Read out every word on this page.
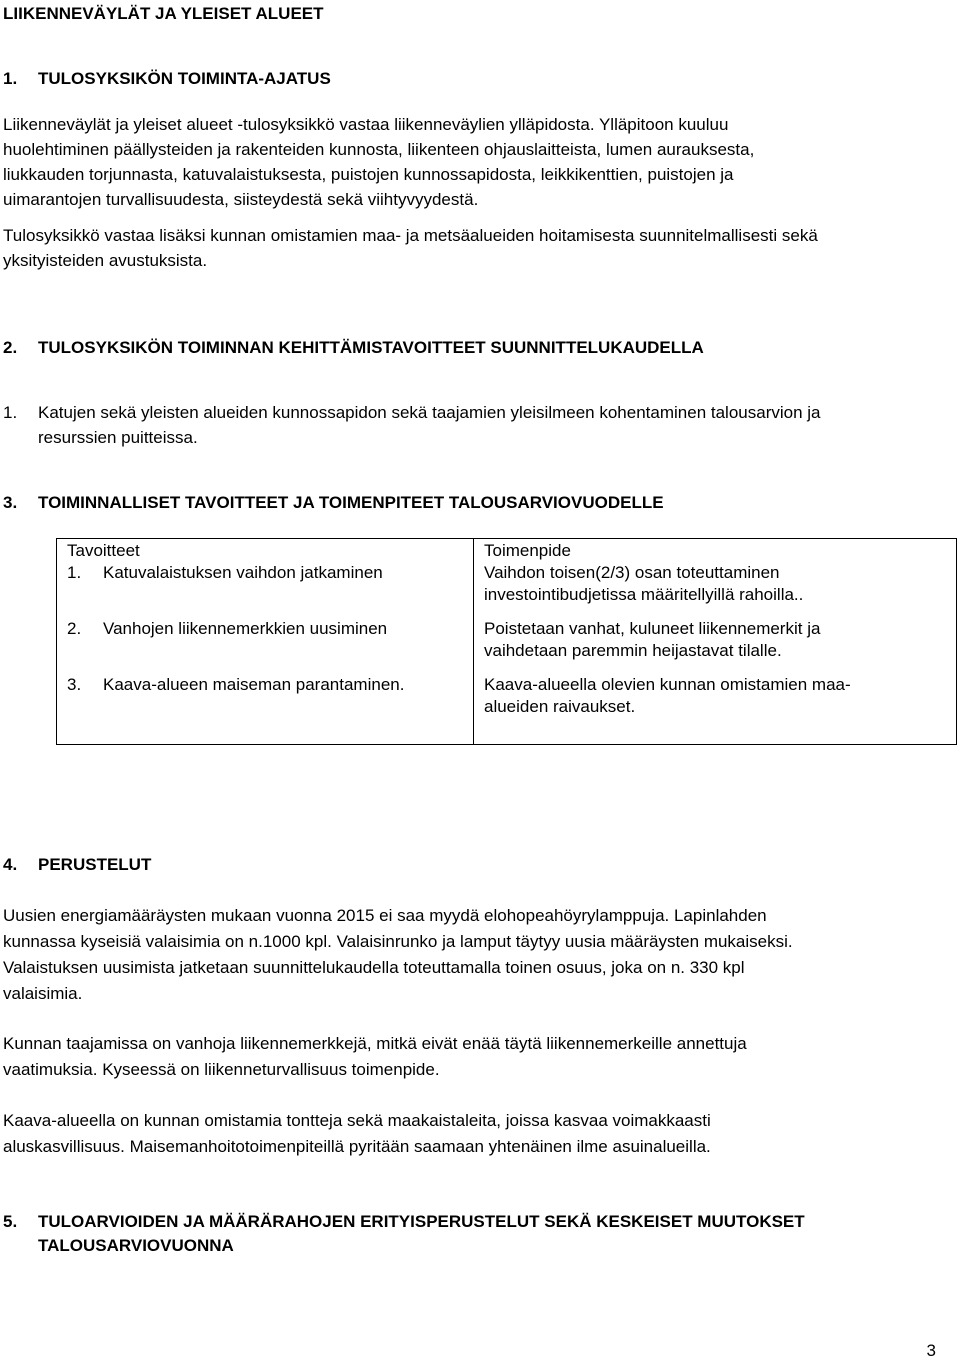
LIIKENNEVÄYLÄT JA YLEISET ALUEET
1. TULOSYKSIKÖN TOIMINTA-AJATUS

Liikenneväylät ja yleiset alueet -tulosyksikkö vastaa liikenneväylien ylläpidosta. Ylläpitoon kuuluu

huolehtiminen päällysteiden ja rakenteiden kunnosta, liikenteen ohjauslaitteista, lumen aurauksesta,

liukkauden torjunnasta, katuvalaistuksesta, puistojen kunnossapidosta, leikkikenttien, puistojen ja

uimarantojen turvallisuudesta, siisteydestä sekä viihtyvyydestä.

Tulosyksikkö vastaa lisäksi kunnan omistamien maa- ja metsäalueiden hoitamisesta suunnitelmallisesti sekä

yksityisteiden avustuksista.

2. TULOSYKSIKÖN TOIMINNAN KEHITTÄMISTAVOITTEET SUUNNITTELUKAUDELLA
1. Katujen sekä yleisten alueiden kunnossapidon sekä taajamien yleisilmeen kohentaminen talousarvion ja

resurssien puitteissa.

3. TOIMINNALLISET TAVOITTEET JA TOIMENPITEET TALOUSARVIOVUODELLE
Tavoitteet	Toimenpide
1. Katuvalaistuksen vaihdon jatkaminen	Vaihdon toisen(2/3) osan toteuttaminen
investointibudjetissa määritellyillä rahoilla..

2. Vanhojen liikennemerkkien uusiminen	Poistetaan vanhat, kuluneet liikennemerkit ja
vaihdetaan paremmin heijastavat tilalle.

3. Kaava-alueen maiseman parantaminen.	Kaava-alueella olevien kunnan omistamien maa-
alueiden raivaukset.
4. PERUSTELUT

Uusien energiamääräysten mukaan vuonna 2015 ei saa myydä elohopeahöyrylamppuja. Lapinlahden

kunnassa kyseisiä valaisimia on n.1000 kpl. Valaisinrunko ja lamput täytyy uusia määräysten mukaiseksi.

Valaistuksen uusimista jatketaan suunnittelukaudella toteuttamalla toinen osuus, joka on n. 330 kpl

valaisimia.

Kunnan taajamissa on vanhoja liikennemerkkejä, mitkä eivät enää täytä liikennemerkeille annettuja

vaatimuksia. Kyseessä on liikenneturvallisuus toimenpide.

Kaava-alueella on kunnan omistamia tontteja sekä maakaistaleita, joissa kasvaa voimakkaasti

aluskasvillisuus. Maisemanhoitotoimenpiteillä pyritään saamaan yhtenäinen ilme asuinalueilla.

5.	TULOARVIOIDEN JA MÄÄRÄRAHOJEN ERITYISPERUSTELUT SEKÄ KESKEISET MUUTOKSET

TALOUSARVIOVUONNA

3
